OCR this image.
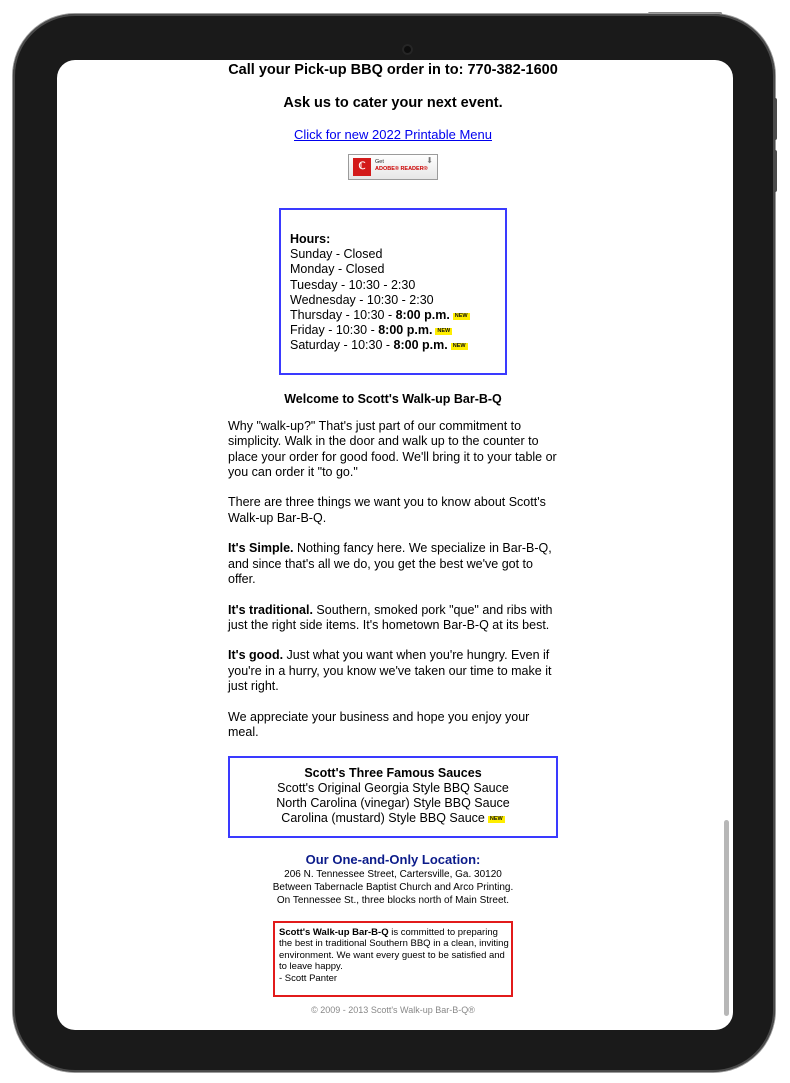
Call your Pick-up BBQ order in to: 770-382-1600

Ask us to cater your next event.

Click for new 2022 Printable Menu
ℂ	Get
ADOBE® READER®
⬇
Hours:
Sunday - Closed
Monday - Closed
Tuesday - 10:30 - 2:30
Wednesday - 10:30 - 2:30
Thursday - 10:30 - 8:00 p.m. NEW
Friday - 10:30 - 8:00 p.m. NEW
Saturday - 10:30 - 8:00 p.m. NEW

Welcome to Scott's Walk-up Bar-B-Q

Why "walk-up?" That's just part of our commitment to simplicity. Walk in the door and walk up to the counter to place your order for good food. We'll bring it to your table or you can order it "to go."

There are three things we want you to know about Scott's Walk-up Bar-B-Q.

It's Simple. Nothing fancy here. We specialize in Bar-B-Q, and since that's all we do, you get the best we've got to offer.

It's traditional. Southern, smoked pork "que" and ribs with just the right side items. It's hometown Bar-B-Q at its best.

It's good. Just what you want when you're hungry. Even if you're in a hurry, you know we've taken our time to make it just right.

We appreciate your business and hope you enjoy your meal.

Scott's Three Famous Sauces
Scott's Original Georgia Style BBQ Sauce
North Carolina (vinegar) Style BBQ Sauce
Carolina (mustard) Style BBQ Sauce NEW

Our One-and-Only Location:

206 N. Tennessee Street, Cartersville, Ga. 30120
Between Tabernacle Baptist Church and Arco Printing.
On Tennessee St., three blocks north of Main Street.
Scott's Walk-up Bar-B-Q is committed to preparing the best in traditional Southern BBQ in a clean, inviting environment. We want every guest to be satisfied and to leave happy.
- Scott Panter
© 2009 - 2013 Scott's Walk-up Bar-B-Q®
